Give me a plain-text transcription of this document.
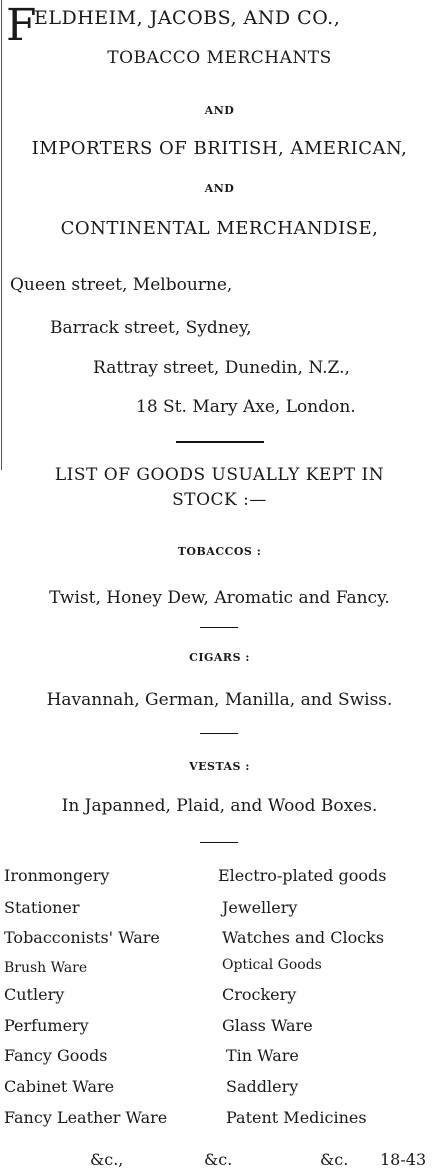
F
ELDHEIM, JACOBS, AND CO.,
TOBACCO MERCHANTS
AND
IMPORTERS OF BRITISH, AMERICAN,
AND
CONTINENTAL MERCHANDISE,
Queen street, Melbourne,
Barrack street, Sydney,
Rattray street, Dunedin, N.Z.,
18 St. Mary Axe, London.
LIST OF GOODS USUALLY KEPT IN
STOCK :—
TOBACCOS :
Twist, Honey Dew, Aromatic and Fancy.
CIGARS :
Havannah, German, Manilla, and Swiss.
VESTAS :
In Japanned, Plaid, and Wood Boxes.
Ironmongery
Stationer
Tobacconists' Ware
Brush Ware
Cutlery
Perfumery
Fancy Goods
Cabinet Ware
Fancy Leather Ware
Electro-plated goods
Jewellery
Watches and Clocks
Optical Goods
Crockery
Glass Ware
Tin Ware
Saddlery
Patent Medicines
&c.,	&c.	&c. 18-43
